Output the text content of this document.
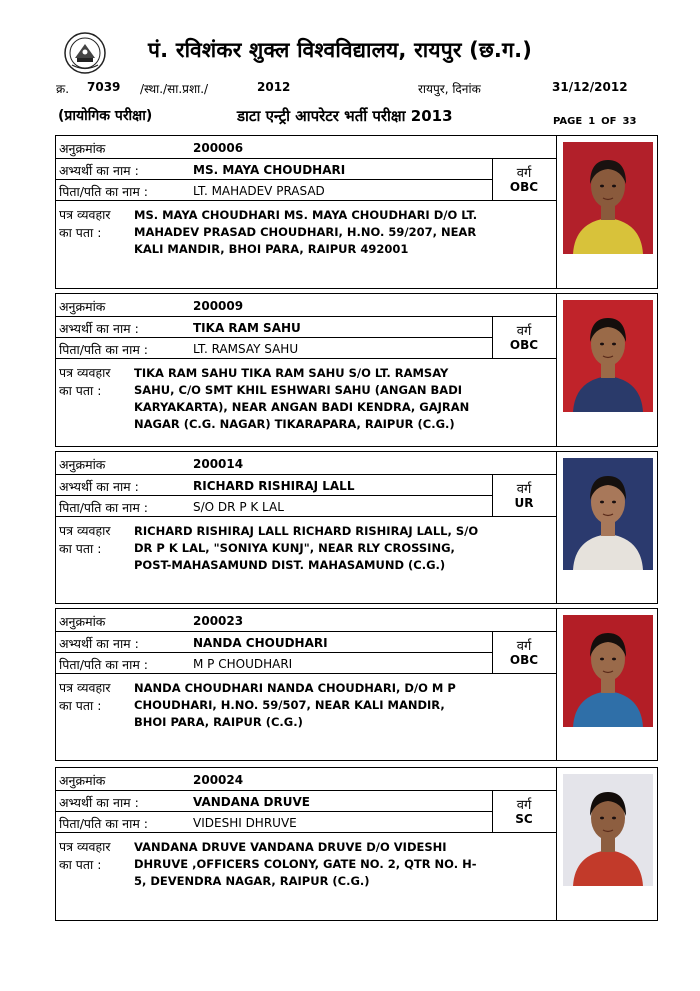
पं. रविशंकर शुक्ल विश्वविद्यालय, रायपुर (छ.ग.)
क्र. 7039 /स्था./सा.प्रशा./	2012	रायपुर, दिनांक	31/12/2012
(प्रायोगिक परीक्षा)	डाटा एन्ट्री आपरेटर भर्ती परीक्षा 2013	PAGE 1 OF 33
अनुक्रमांक	200006
अभ्यर्थी का नाम :	MS. MAYA CHOUDHARI
पिता/पति का नाम :	LT. MAHADEV PRASAD
वर्ग
OBC
पत्र व्यवहार
का पता :
MS. MAYA CHOUDHARI MS. MAYA CHOUDHARI D/O LT. MAHADEV PRASAD CHOUDHARI, H.NO. 59/207, NEAR KALI MANDIR, BHOI PARA, RAIPUR 492001
अनुक्रमांक	200009
अभ्यर्थी का नाम :	TIKA RAM SAHU
पिता/पति का नाम :	LT. RAMSAY SAHU
वर्ग
OBC
पत्र व्यवहार
का पता :
TIKA RAM SAHU TIKA RAM SAHU S/O LT. RAMSAY SAHU, C/O SMT KHIL ESHWARI SAHU (ANGAN BADI KARYAKARTA), NEAR ANGAN BADI KENDRA, GAJRAN NAGAR (C.G. NAGAR) TIKARAPARA, RAIPUR (C.G.)
अनुक्रमांक	200014
अभ्यर्थी का नाम :	RICHARD RISHIRAJ LALL
पिता/पति का नाम :	S/O DR P K LAL
वर्ग
UR
पत्र व्यवहार
का पता :
RICHARD RISHIRAJ LALL RICHARD RISHIRAJ LALL, S/O DR P K LAL, "SONIYA KUNJ", NEAR RLY CROSSING, POST-MAHASAMUND DIST. MAHASAMUND (C.G.)
अनुक्रमांक	200023
अभ्यर्थी का नाम :	NANDA CHOUDHARI
पिता/पति का नाम :	M P CHOUDHARI
वर्ग
OBC
पत्र व्यवहार
का पता :
NANDA CHOUDHARI NANDA CHOUDHARI, D/O M P CHOUDHARI, H.NO. 59/507, NEAR KALI MANDIR, BHOI PARA, RAIPUR (C.G.)
अनुक्रमांक	200024
अभ्यर्थी का नाम :	VANDANA DRUVE
पिता/पति का नाम :	VIDESHI DHRUVE
वर्ग
SC
पत्र व्यवहार
का पता :
VANDANA DRUVE VANDANA DRUVE D/O VIDESHI DHRUVE ,OFFICERS COLONY, GATE NO. 2, QTR NO. H-5, DEVENDRA NAGAR, RAIPUR (C.G.)
